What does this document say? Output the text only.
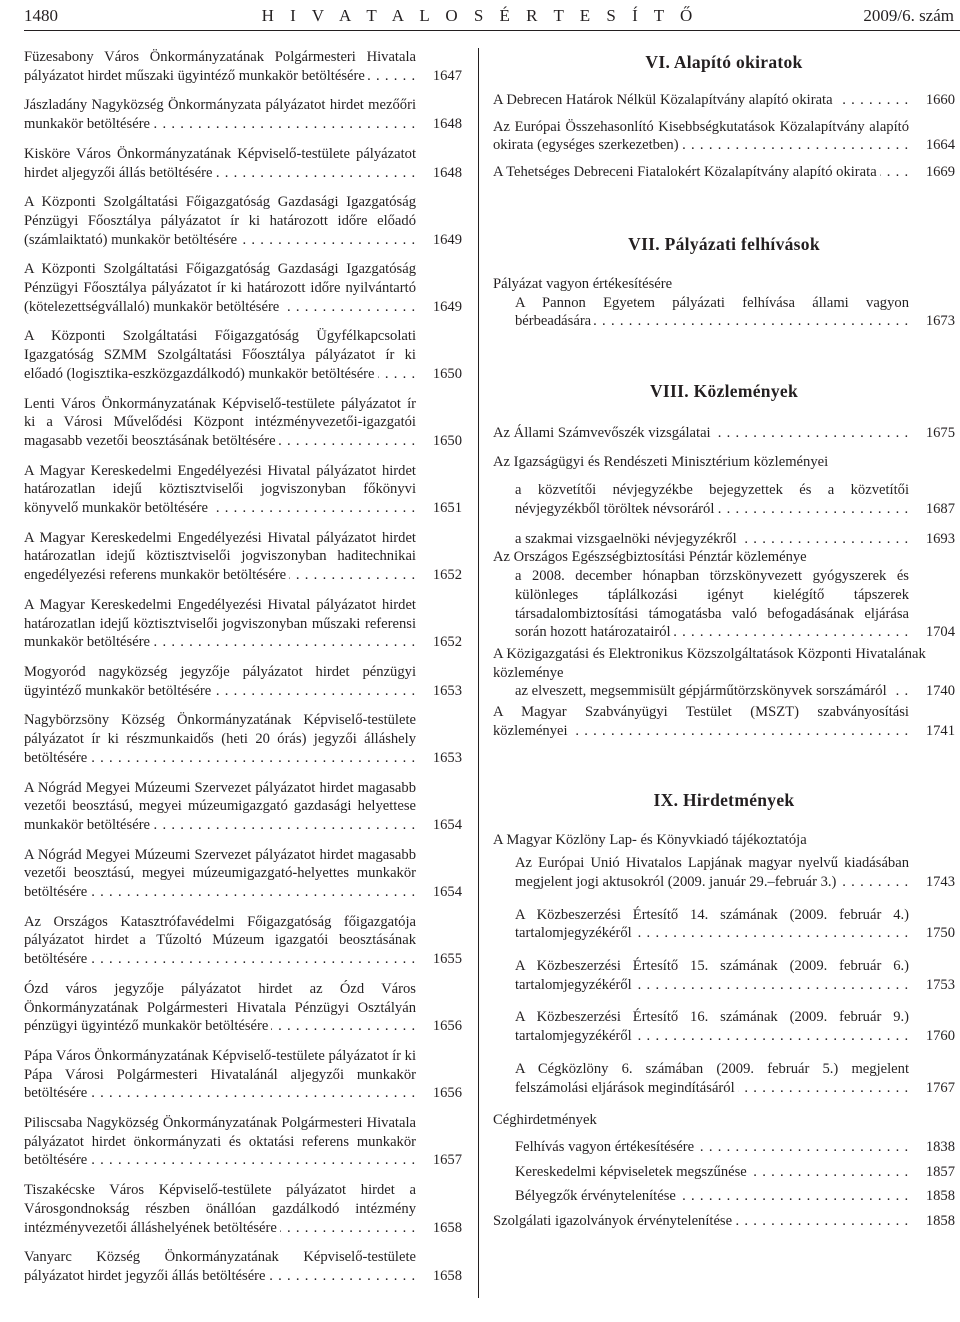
1480	H I V A T A L O S É R T E S Í T Ő	2009/6. szám
Füzesabony Város Önkormányzatának Polgármesteri Hivatala pályázatot hirdet műszaki ügyintéző munkakör betöltésére . . .	1647
Jászladány Nagyközség Önkormányzata pályázatot hirdet mezőőri munkakör betöltésére . . .	1648
Kisköre Város Önkormányzatának Képviselő-testülete pályázatot hirdet aljegyzői állás betöltésére . . .	1648
A Központi Szolgáltatási Főigazgatóság Gazdasági Igazgatóság Pénzügyi Főosztálya pályázatot ír ki határozott időre előadó (számlaiktató) munkakör betöltésére . . .	1649
A Központi Szolgáltatási Főigazgatóság Gazdasági Igazgatóság Pénzügyi Főosztálya pályázatot ír ki határozott időre nyilvántartó (kötelezettségvállaló) munkakör betöltésére . . .	1649
A Központi Szolgáltatási Főigazgatóság Ügyfélkapcsolati Igazgatóság SZMM Szolgáltatási Főosztálya pályázatot ír ki előadó (logisztika-eszközgazdálkodó) munkakör betöltésére . . .	1650
Lenti Város Önkormányzatának Képviselő-testülete pályázatot ír ki a Városi Művelődési Központ intézményvezetői-igazgatói magasabb vezetői beosztásának betöltésére . . .	1650
A Magyar Kereskedelmi Engedélyezési Hivatal pályázatot hirdet határozatlan idejű köztisztviselői jogviszonyban főkönyvi könyvelő munkakör betöltésére . . .	1651
A Magyar Kereskedelmi Engedélyezési Hivatal pályázatot hirdet határozatlan idejű köztisztviselői jogviszonyban haditechnikai engedélyezési referens munkakör betöltésére . . .	1652
A Magyar Kereskedelmi Engedélyezési Hivatal pályázatot hirdet határozatlan idejű köztisztviselői jogviszonyban műszaki referensi munkakör betöltésére . . .	1652
Mogyoród nagyközség jegyzője pályázatot hirdet pénzügyi ügyintéző munkakör betöltésére . . .	1653
Nagybörzsöny Község Önkormányzatának Képviselő-testülete pályázatot ír ki részmunkaidős (heti 20 órás) jegyzői álláshely betöltésére . . .	1653
A Nógrád Megyei Múzeumi Szervezet pályázatot hirdet magasabb vezetői beosztású, megyei múzeumigazgató gazdasági helyettese munkakör betöltésére . . .	1654
A Nógrád Megyei Múzeumi Szervezet pályázatot hirdet magasabb vezetői beosztású, megyei múzeumigazgató-helyettes munkakör betöltésére . . .	1654
Az Országos Katasztrófavédelmi Főigazgatóság főigazgatója pályázatot hirdet a Tűzoltó Múzeum igazgatói beosztásának betöltésére . . .	1655
Ózd város jegyzője pályázatot hirdet az Ózd Város Önkormányzatának Polgármesteri Hivatala Pénzügyi Osztályán pénzügyi ügyintéző munkakör betöltésére . . .	1656
Pápa Város Önkormányzatának Képviselő-testülete pályázatot ír ki Pápa Városi Polgármesteri Hivatalánál aljegyzői munkakör betöltésére . . .	1656
Piliscsaba Nagyközség Önkormányzatának Polgármesteri Hivatala pályázatot hirdet önkormányzati és oktatási referens munkakör betöltésére . . .	1657
Tiszakécske Város Képviselő-testülete pályázatot hirdet a Városgondnokság részben önállóan gazdálkodó intézmény intézményvezetői álláshelyének betöltésére . . .	1658
Vanyarc Község Önkormányzatának Képviselő-testülete pályázatot hirdet jegyzői állás betöltésére . . .	1658
VI. Alapító okiratok
A Debrecen Határok Nélkül Közalapítvány alapító okirata . . .	1660
Az Európai Összehasonlító Kisebbségkutatások Közalapítvány alapító okirata (egységes szerkezetben) . . .	1664
A Tehetséges Debreceni Fiatalokért Közalapítvány alapító okirata . . .	1669
VII. Pályázati felhívások
Pályázat vagyon értékesítésére
A Pannon Egyetem pályázati felhívása állami vagyon bérbeadására . . .	1673
VIII. Közlemények
Az Állami Számvevőszék vizsgálatai . . .	1675
Az Igazságügyi és Rendészeti Minisztérium közleményei
a közvetítői névjegyzékbe bejegyzettek és a közvetítői névjegyzékből töröltek névsoráról . . .	1687
a szakmai vizsgaelnöki névjegyzékről . . .	1693
Az Országos Egészségbiztosítási Pénztár közleménye
a 2008. december hónapban törzskönyvezett gyógyszerek és különleges táplálkozási igényt kielégítő tápszerek társadalombiztosítási támogatásba való befogadásának eljárása során hozott határozatairól . . .	1704
A Közigazgatási és Elektronikus Közszolgáltatások Központi Hivatalának közleménye
az elveszett, megsemmisült gépjárműtörzskönyvek sorszámáról . . .	1740
A Magyar Szabványügyi Testület (MSZT) szabványosítási közleményei . . .	1741
IX. Hirdetmények
A Magyar Közlöny Lap- és Könyvkiadó tájékoztatója
Az Európai Unió Hivatalos Lapjának magyar nyelvű kiadásában megjelent jogi aktusokról (2009. január 29.–február 3.) . . .	1743
A Közbeszerzési Értesítő 14. számának (2009. február 4.) tartalomjegyzékéről . . .	1750
A Közbeszerzési Értesítő 15. számának (2009. február 6.) tartalomjegyzékéről . . .	1753
A Közbeszerzési Értesítő 16. számának (2009. február 9.) tartalomjegyzékéről . . .	1760
A Cégközlöny 6. számában (2009. február 5.) megjelent felszámolási eljárások megindításáról . . .	1767
Céghirdetmények
Felhívás vagyon értékesítésére . . .	1838
Kereskedelmi képviseletek megszűnése . . .	1857
Bélyegzők érvénytelenítése . . .	1858
Szolgálati igazolványok érvénytelenítése . . .	1858
